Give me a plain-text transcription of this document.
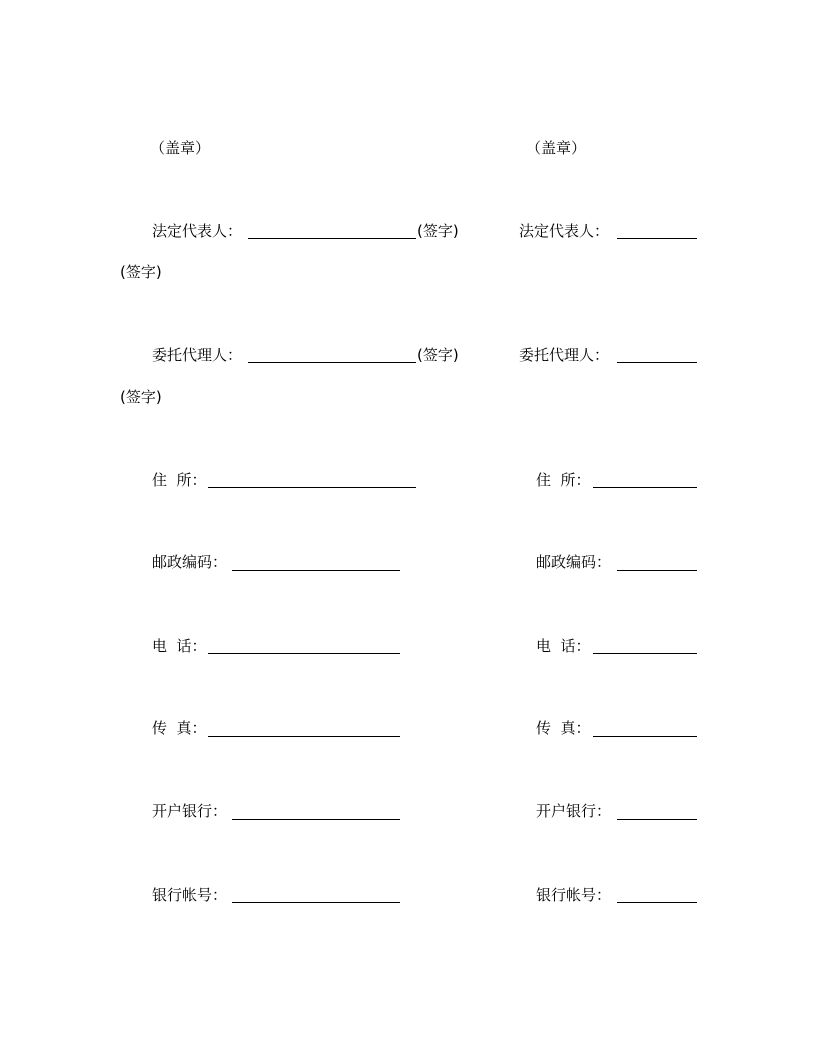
（盖章）	（盖章）
法定代表人：	(签字)	法定代表人：
(签字)
委托代理人：	(签字)	委托代理人：
(签字)
住  所：	住  所：
邮政编码：	邮政编码：
电  话：	电  话：
传  真：	传  真：
开户银行：	开户银行：
银行帐号：	银行帐号：
